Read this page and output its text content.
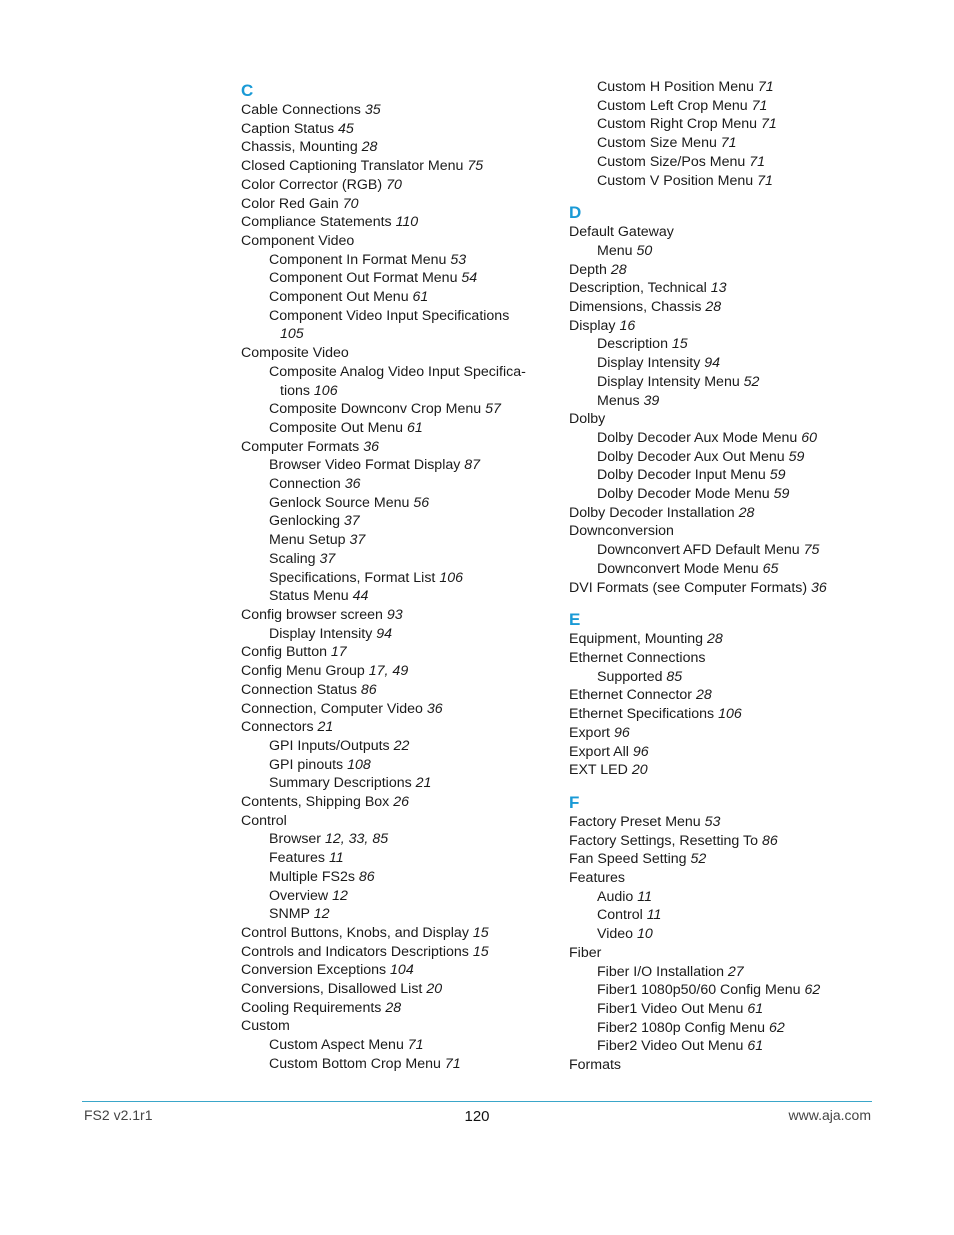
C
Cable Connections 35
Caption Status 45
Chassis, Mounting 28
Closed Captioning Translator Menu 75
Color Corrector (RGB) 70
Color Red Gain 70
Compliance Statements 110
Component Video
Component In Format Menu 53
Component Out Format Menu 54
Component Out Menu 61
Component Video Input Specifications
105
Composite Video
Composite Analog Video Input Specifica-
tions 106
Composite Downconv Crop Menu 57
Composite Out Menu 61
Computer Formats 36
Browser Video Format Display 87
Connection 36
Genlock Source Menu 56
Genlocking 37
Menu Setup 37
Scaling 37
Specifications, Format List 106
Status Menu 44
Config browser screen 93
Display Intensity 94
Config Button 17
Config Menu Group 17, 49
Connection Status 86
Connection, Computer Video 36
Connectors 21
GPI Inputs/Outputs 22
GPI pinouts 108
Summary Descriptions 21
Contents, Shipping Box 26
Control
Browser 12, 33, 85
Features 11
Multiple FS2s 86
Overview 12
SNMP 12
Control Buttons, Knobs, and Display 15
Controls and Indicators Descriptions 15
Conversion Exceptions 104
Conversions, Disallowed List 20
Cooling Requirements 28
Custom
Custom Aspect Menu 71
Custom Bottom Crop Menu 71
Custom H Position Menu 71
Custom Left Crop Menu 71
Custom Right Crop Menu 71
Custom Size Menu 71
Custom Size/Pos Menu 71
Custom V Position Menu 71
D
Default Gateway
Menu 50
Depth 28
Description, Technical 13
Dimensions, Chassis 28
Display 16
Description 15
Display Intensity 94
Display Intensity Menu 52
Menus 39
Dolby
Dolby Decoder Aux Mode Menu 60
Dolby Decoder Aux Out Menu 59
Dolby Decoder Input Menu 59
Dolby Decoder Mode Menu 59
Dolby Decoder Installation 28
Downconversion
Downconvert AFD Default Menu 75
Downconvert Mode Menu 65
DVI Formats (see Computer Formats) 36
E
Equipment, Mounting 28
Ethernet Connections
Supported 85
Ethernet Connector 28
Ethernet Specifications 106
Export 96
Export All 96
EXT LED 20
F
Factory Preset Menu 53
Factory Settings, Resetting To 86
Fan Speed Setting 52
Features
Audio 11
Control 11
Video 10
Fiber
Fiber I/O Installation 27
Fiber1 1080p50/60 Config Menu 62
Fiber1 Video Out Menu 61
Fiber2 1080p Config Menu 62
Fiber2 Video Out Menu 61
Formats
FS2 v2.1r1	120	www.aja.com
